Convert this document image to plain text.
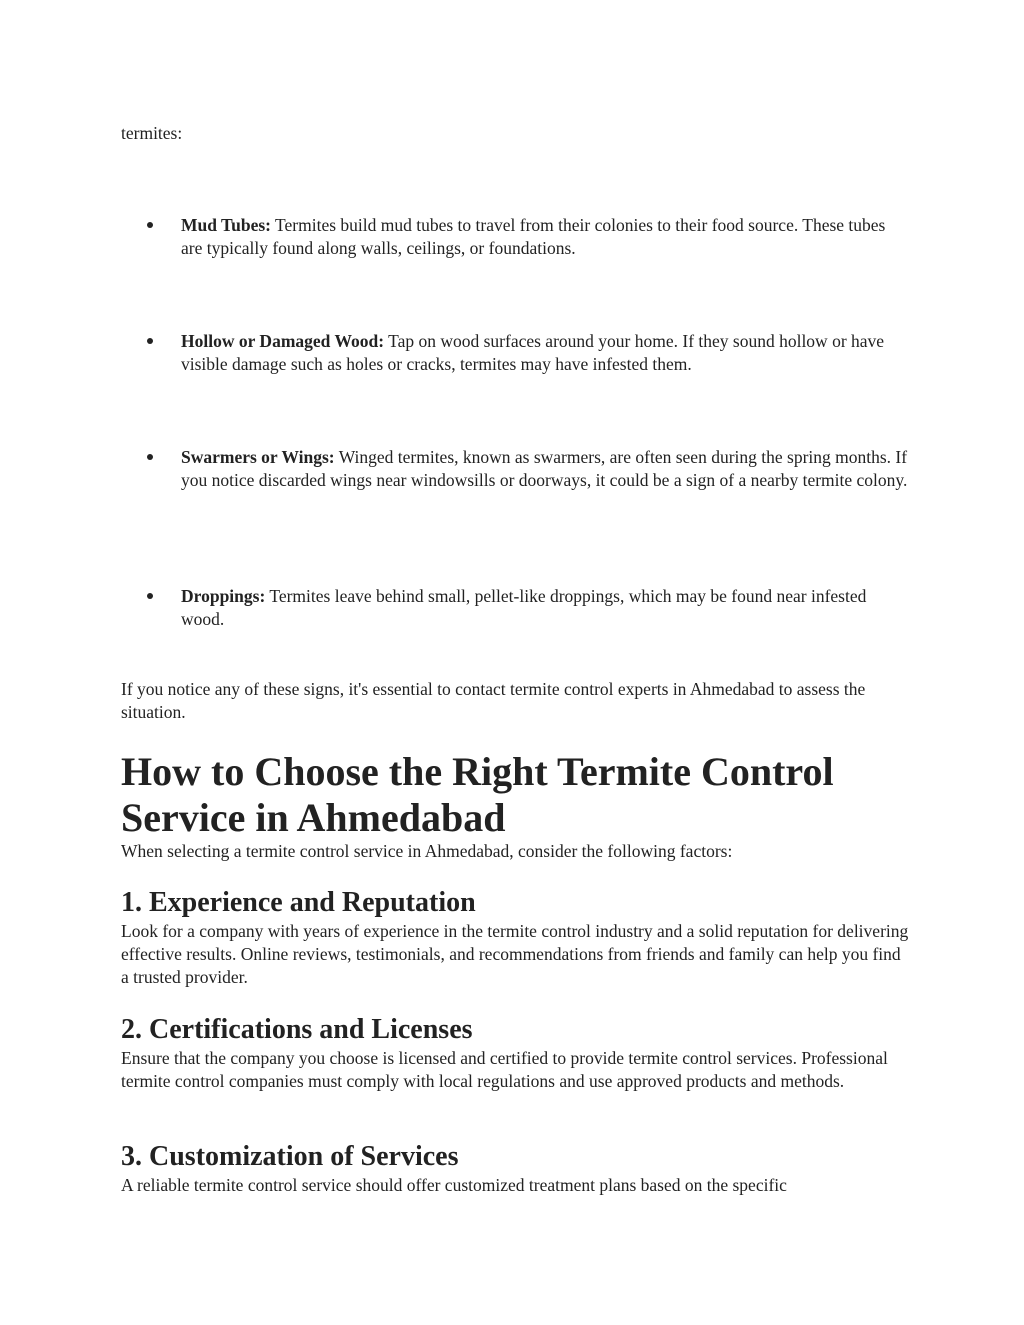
termites:

Mud Tubes: Termites build mud tubes to travel from their colonies to their food source. These tubes are typically found along walls, ceilings, or foundations.

Hollow or Damaged Wood: Tap on wood surfaces around your home. If they sound hollow or have visible damage such as holes or cracks, termites may have infested them.

Swarmers or Wings: Winged termites, known as swarmers, are often seen during the spring months. If you notice discarded wings near windowsills or doorways, it could be a sign of a nearby termite colony.

Droppings: Termites leave behind small, pellet-like droppings, which may be found near infested wood.

If you notice any of these signs, it's essential to contact termite control experts in Ahmedabad to assess the situation.

How to Choose the Right Termite Control Service in Ahmedabad

When selecting a termite control service in Ahmedabad, consider the following factors:

1. Experience and Reputation

Look for a company with years of experience in the termite control industry and a solid reputation for delivering effective results. Online reviews, testimonials, and recommendations from friends and family can help you find a trusted provider.

2. Certifications and Licenses

Ensure that the company you choose is licensed and certified to provide termite control services. Professional termite control companies must comply with local regulations and use approved products and methods.

3. Customization of Services

A reliable termite control service should offer customized treatment plans based on the specific
